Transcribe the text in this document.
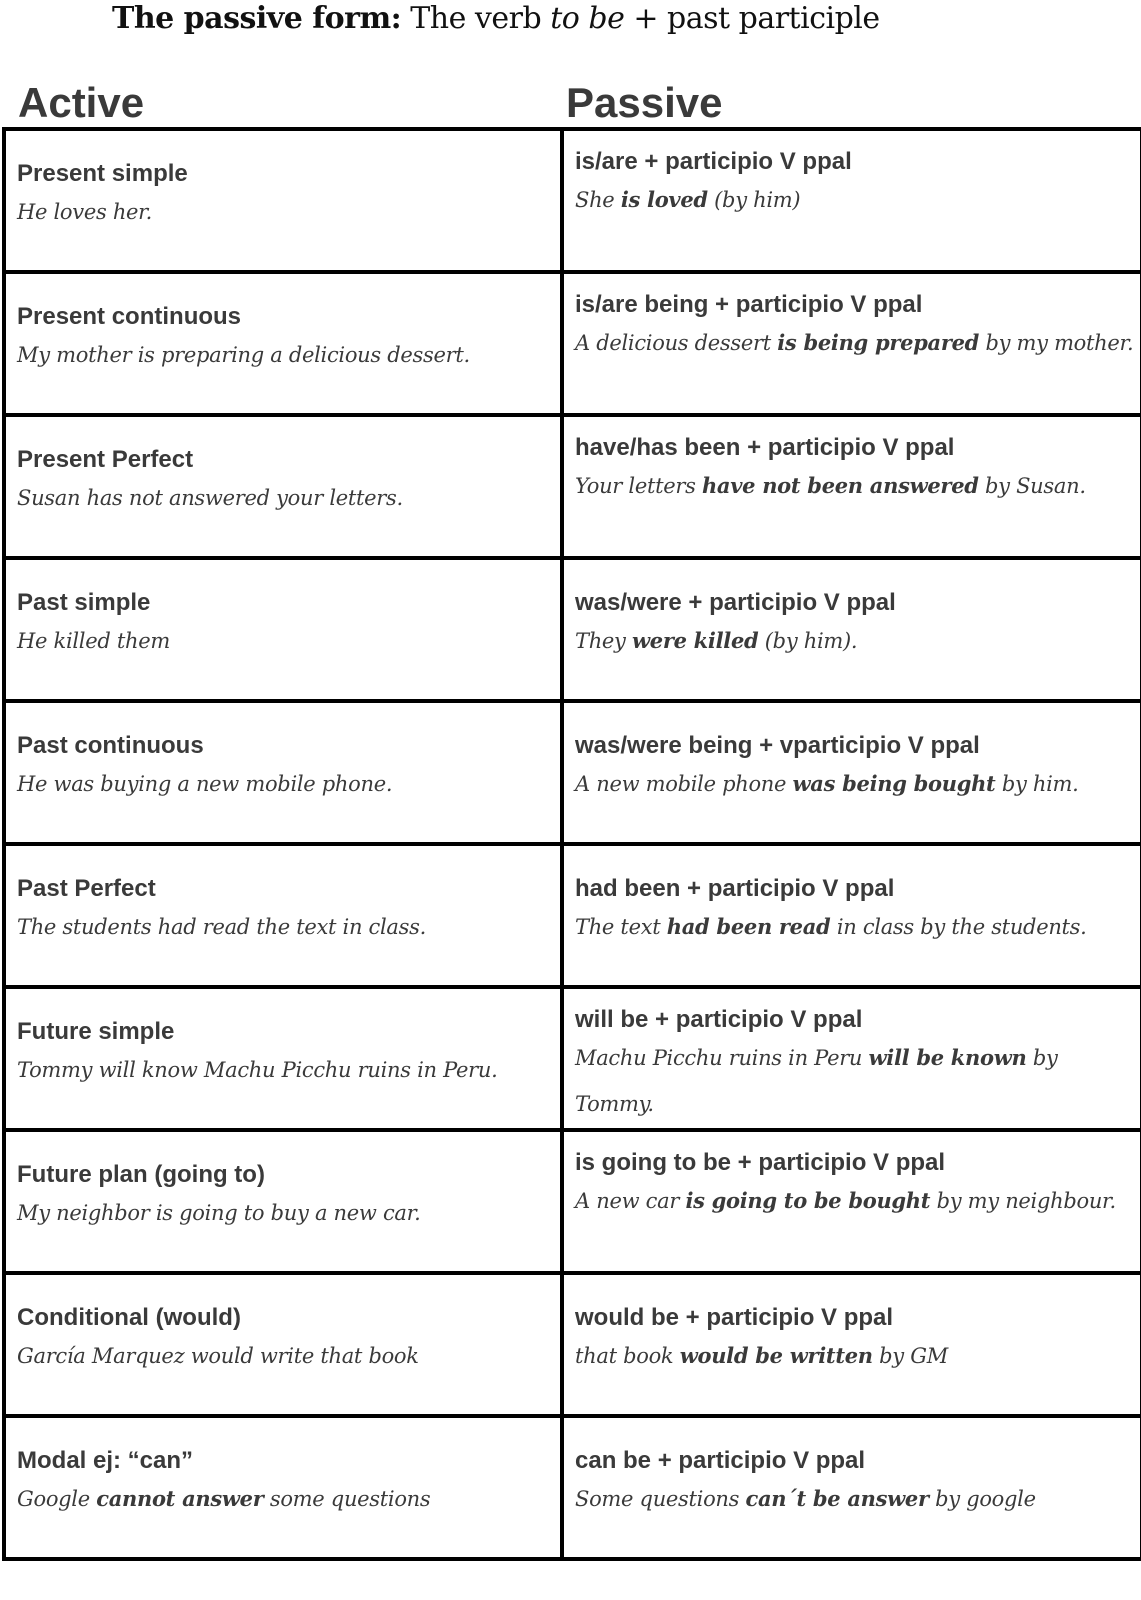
The passive form: The verb to be + past participle
Active	Passive
Present simple
He loves her.
is/are + participio V ppal
She is loved (by him)
Present continuous
My mother is preparing a delicious dessert.
is/are being + participio V ppal
A delicious dessert is being prepared by my mother.
Present Perfect
Susan has not answered your letters.
have/has been + participio V ppal
Your letters have not been answered by Susan.
Past simple
He killed them
was/were + participio V ppal
They were killed (by him).
Past continuous
He was buying a new mobile phone.
was/were being + vparticipio V ppal
A new mobile phone was being bought by him.
Past Perfect
The students had read the text in class.
had been + participio V ppal
The text had been read in class by the students.
Future simple
Tommy will know Machu Picchu ruins in Peru.
will be + participio V ppal
Machu Picchu ruins in Peru will be known by Tommy.
Future plan (going to)
My neighbor is going to buy a new car.
is going to be + participio V ppal
A new car is going to be bought by my neighbour.
Conditional (would)
García Marquez would write that book
would be + participio V ppal
that book would be written by GM
Modal ej: “can”
Google cannot answer some questions
can be + participio V ppal
Some questions can´t be answer by google
